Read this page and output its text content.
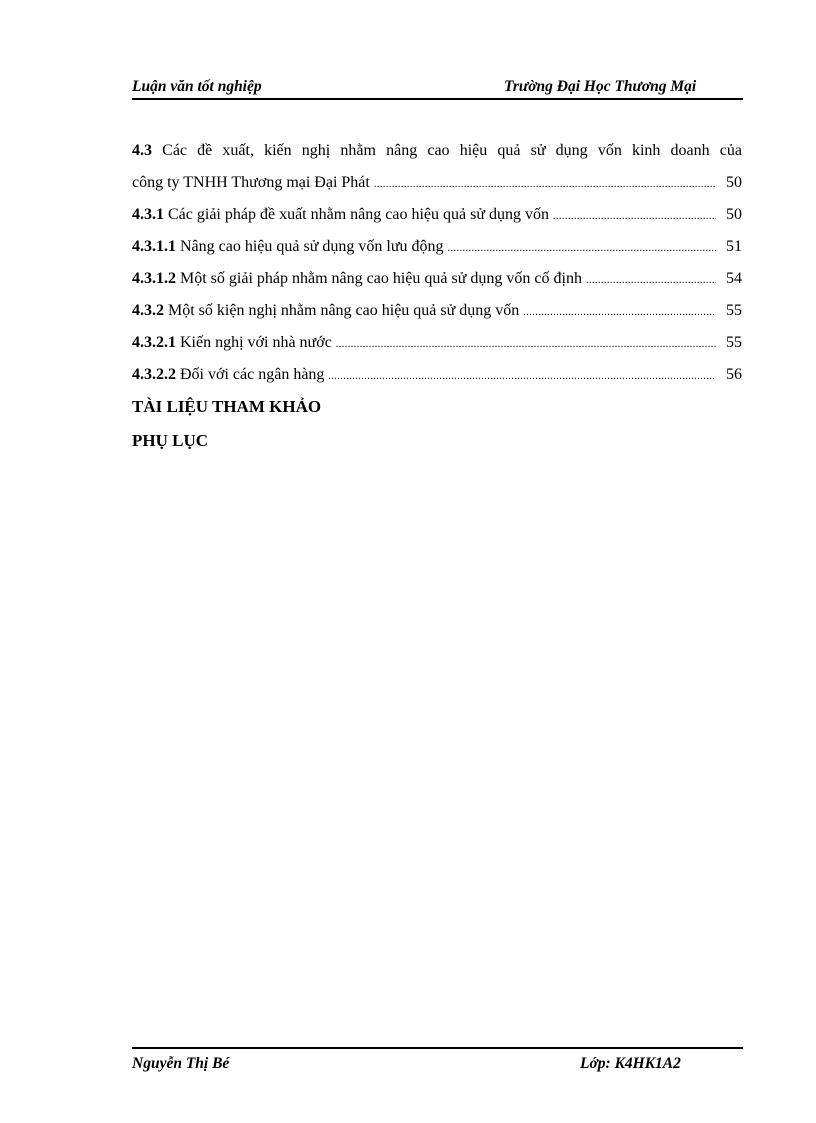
Luận văn tốt nghiệp	Trường Đại Học Thương Mại
4.3 Các đề xuất, kiến nghị nhằm nâng cao hiệu quả sử dụng vốn kinh doanh của
công ty TNHH Thương mại Đại Phát .....	50
4.3.1 Các giải pháp đề xuất nhằm nâng cao hiệu quả sử dụng vốn .....	50
4.3.1.1 Nâng cao hiệu quả sử dụng vốn lưu động .....	51
4.3.1.2 Một số giải pháp nhằm nâng cao hiệu quả sử dụng vốn cố định .....	54
4.3.2 Một số kiện nghị nhằm nâng cao hiệu quả sử dụng vốn .....	55
4.3.2.1 Kiến nghị với nhà nước .....	55
4.3.2.2 Đối với các ngân hàng .....	56
TÀI LIỆU THAM KHẢO
PHỤ LỤC
Nguyễn Thị Bé	Lớp: K4HK1A2
